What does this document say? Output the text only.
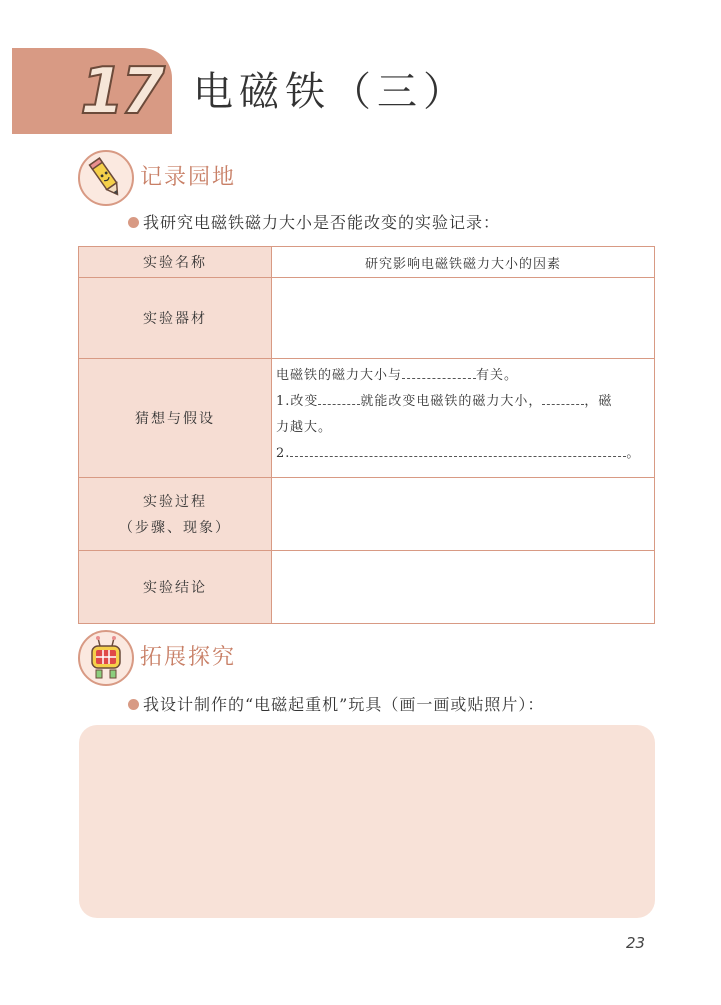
17 电磁铁（三）
记录园地
我研究电磁铁磁力大小是否能改变的实验记录：
实验名称	研究影响电磁铁磁力大小的因素
实验器材	
猜想与假设	电磁铁的磁力大小与 有关。

1.改变 就能改变电磁铁的磁力大小， ，磁

力越大。

2. 。

实验过程
（步骤、现象）	

实验结论	
拓展探究
我设计制作的“电磁起重机”玩具（画一画或贴照片）：
23
